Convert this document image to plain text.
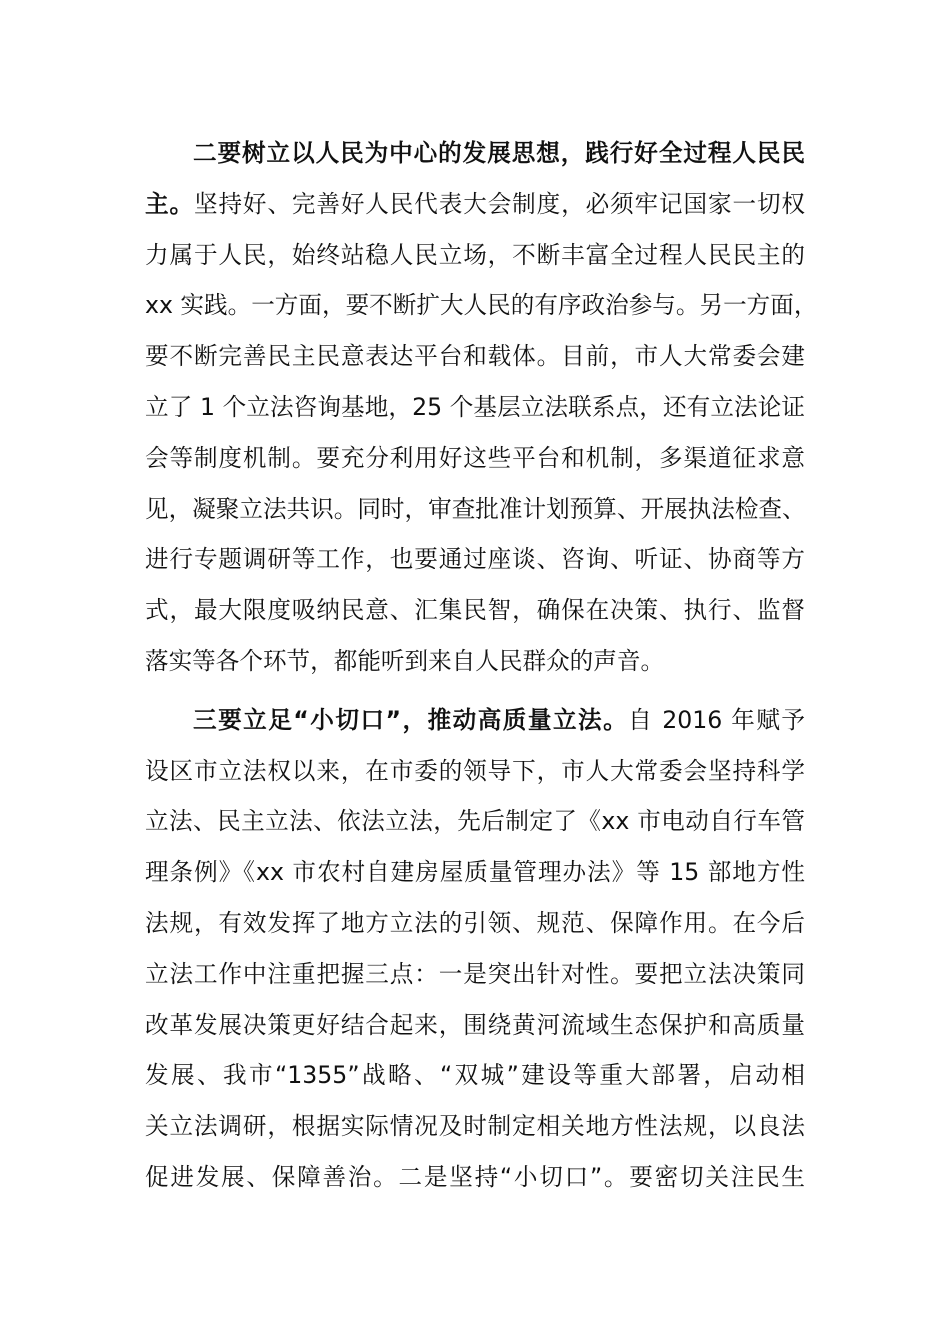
二要树立以人民为中心的发展思想，践行好全过程人民民
主。坚持好、完善好人民代表大会制度，必须牢记国家一切权
力属于人民，始终站稳人民立场，不断丰富全过程人民民主的
xx 实践。一方面，要不断扩大人民的有序政治参与。另一方面，
要不断完善民主民意表达平台和载体。目前，市人大常委会建
立了 1 个立法咨询基地，25 个基层立法联系点，还有立法论证
会等制度机制。要充分利用好这些平台和机制，多渠道征求意
见，凝聚立法共识。同时，审查批准计划预算、开展执法检查、
进行专题调研等工作，也要通过座谈、咨询、听证、协商等方
式，最大限度吸纳民意、汇集民智，确保在决策、执行、监督
落实等各个环节，都能听到来自人民群众的声音。
三要立足“小切口”，推动高质量立法。自 2016 年赋予
设区市立法权以来，在市委的领导下，市人大常委会坚持科学
立法、民主立法、依法立法，先后制定了《xx 市电动自行车管
理条例》《xx 市农村自建房屋质量管理办法》等 15 部地方性
法规，有效发挥了地方立法的引领、规范、保障作用。在今后
立法工作中注重把握三点：一是突出针对性。要把立法决策同
改革发展决策更好结合起来，围绕黄河流域生态保护和高质量
发展、我市“1355”战略、“双城”建设等重大部署，启动相
关立法调研，根据实际情况及时制定相关地方性法规，以良法
促进发展、保障善治。二是坚持“小切口”。要密切关注民生
